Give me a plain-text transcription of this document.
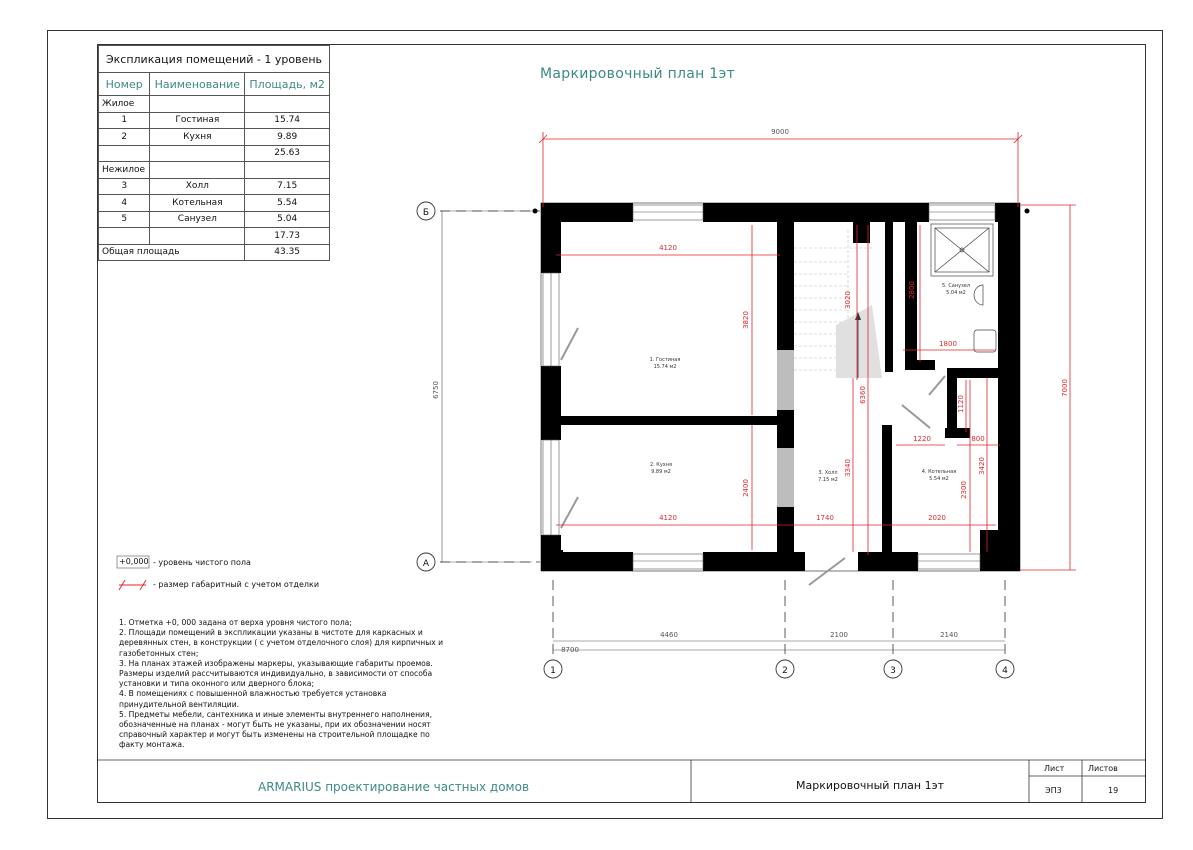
Экспликация помещений - 1 уровень		
Номер	Наименование	Площадь, м2
Жилое		
1	Гостиная	15.74
2	Кухня	9.89
		25.63
Нежилое		
3	Холл	7.15
4	Котельная	5.54
5	Санузел	5.04
		17.73
Общая площадь		43.35
Маркировочный план 1эт
1. Гостиная
15.74 м2
2. Кухня
9.89 м2	3. Холл
7.15 м2
4. Котельная
5.54 м2
5. Санузел
5.04 м2
9000
4120
4120
3820
2400
3020
2800
1800
6360
3340
1740	2020
2300
3420
1120
1220	800
7000
6750
4460	2100	2140
8700
Б
А
1	2	3	4
+0,000 - уровень чистого пола
- размер габаритный с учетом отделки

1. Отметка +0, 000 задана от верха уровня чистого пола;

2. Площади помещений в экспликации указаны в чистоте для каркасных и деревянных стен, в конструкции ( с учетом отделочного слоя) для кирпичных и газобетонных стен;

3. На планах этажей изображены маркеры, указывающие габариты проемов. Размеры изделий рассчитываются индивидуально, в зависимости от способа установки и типа оконного или дверного блока;

4. В помещениях с повышенной влажностью требуется установка принудительной вентиляции.

5. Предметы мебели, сантехника и иные элементы внутреннего наполнения, обозначенные на планах - могут быть не указаны, при их обозначении носят справочный характер и могут быть изменены на строительной площадке по факту монтажа.

ARMARIUS проектирование частных домов	Маркировочный план 1эт
Лист	Листов
ЭП3	19
